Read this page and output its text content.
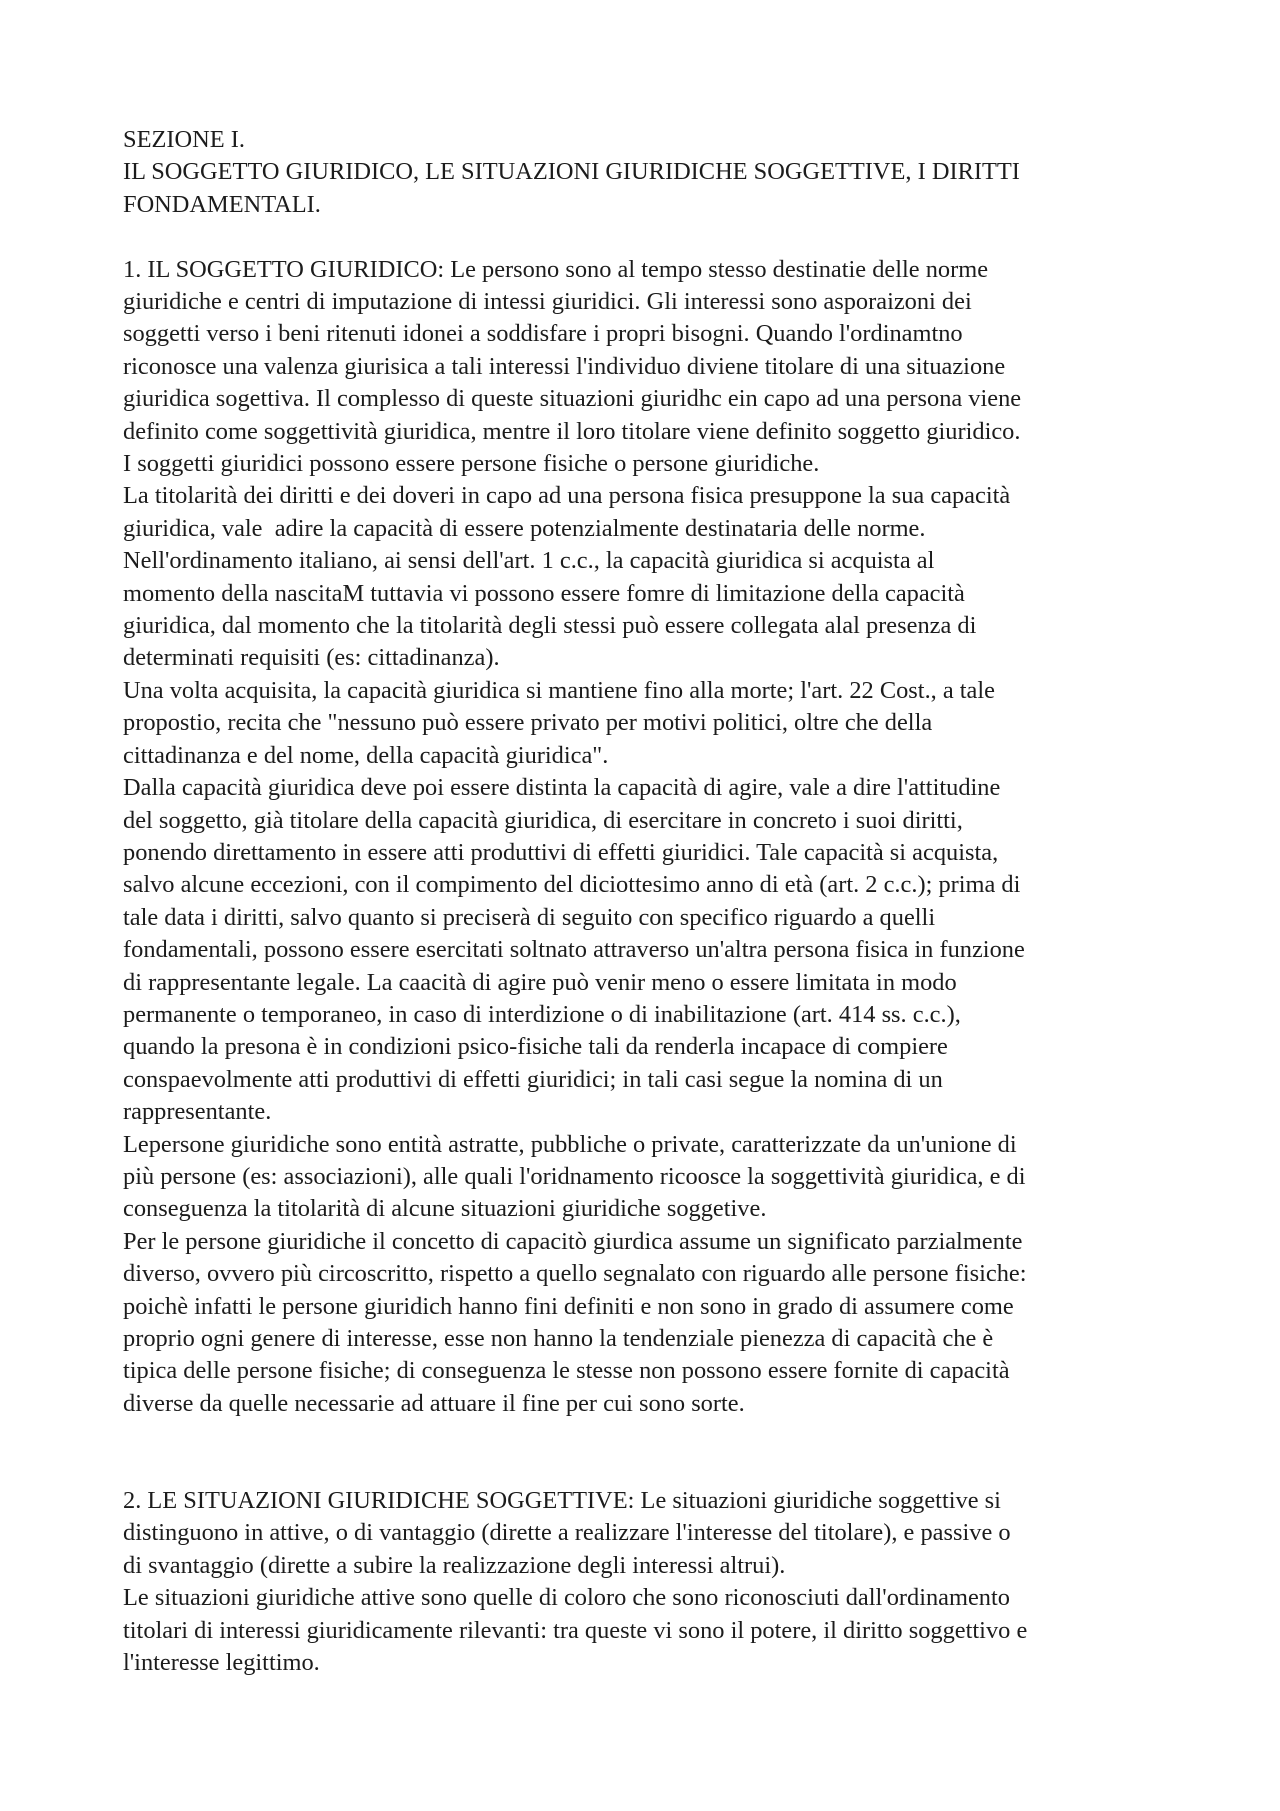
SEZIONE I.
IL SOGGETTO GIURIDICO, LE SITUAZIONI GIURIDICHE SOGGETTIVE, I DIRITTI
FONDAMENTALI.
1. IL SOGGETTO GIURIDICO: Le persono sono al tempo stesso destinatie delle norme
giuridiche e centri di imputazione di intessi giuridici. Gli interessi sono asporaizoni dei
soggetti verso i beni ritenuti idonei a soddisfare i propri bisogni. Quando l'ordinamtno
riconosce una valenza giurisica a tali interessi l'individuo diviene titolare di una situazione
giuridica sogettiva. Il complesso di queste situazioni giuridhc ein capo ad una persona viene
definito come soggettività giuridica, mentre il loro titolare viene definito soggetto giuridico.
I soggetti giuridici possono essere persone fisiche o persone giuridiche.
La titolarità dei diritti e dei doveri in capo ad una persona fisica presuppone la sua capacità
giuridica, vale  adire la capacità di essere potenzialmente destinataria delle norme.
Nell'ordinamento italiano, ai sensi dell'art. 1 c.c., la capacità giuridica si acquista al
momento della nascitaM tuttavia vi possono essere fomre di limitazione della capacità
giuridica, dal momento che la titolarità degli stessi può essere collegata alal presenza di
determinati requisiti (es: cittadinanza).
Una volta acquisita, la capacità giuridica si mantiene fino alla morte; l'art. 22 Cost., a tale
propostio, recita che "nessuno può essere privato per motivi politici, oltre che della
cittadinanza e del nome, della capacità giuridica".
Dalla capacità giuridica deve poi essere distinta la capacità di agire, vale a dire l'attitudine
del soggetto, già titolare della capacità giuridica, di esercitare in concreto i suoi diritti,
ponendo direttamento in essere atti produttivi di effetti giuridici. Tale capacità si acquista,
salvo alcune eccezioni, con il compimento del diciottesimo anno di età (art. 2 c.c.); prima di
tale data i diritti, salvo quanto si preciserà di seguito con specifico riguardo a quelli
fondamentali, possono essere esercitati soltnato attraverso un'altra persona fisica in funzione
di rappresentante legale. La caacità di agire può venir meno o essere limitata in modo
permanente o temporaneo, in caso di interdizione o di inabilitazione (art. 414 ss. c.c.),
quando la presona è in condizioni psico-fisiche tali da renderla incapace di compiere
conspaevolmente atti produttivi di effetti giuridici; in tali casi segue la nomina di un
rappresentante.
Lepersone giuridiche sono entità astratte, pubbliche o private, caratterizzate da un'unione di
più persone (es: associazioni), alle quali l'oridnamento ricoosce la soggettività giuridica, e di
conseguenza la titolarità di alcune situazioni giuridiche soggetive.
Per le persone giuridiche il concetto di capacitò giurdica assume un significato parzialmente
diverso, ovvero più circoscritto, rispetto a quello segnalato con riguardo alle persone fisiche:
poichè infatti le persone giuridich hanno fini definiti e non sono in grado di assumere come
proprio ogni genere di interesse, esse non hanno la tendenziale pienezza di capacità che è
tipica delle persone fisiche; di conseguenza le stesse non possono essere fornite di capacità
diverse da quelle necessarie ad attuare il fine per cui sono sorte.
2. LE SITUAZIONI GIURIDICHE SOGGETTIVE: Le situazioni giuridiche soggettive si
distinguono in attive, o di vantaggio (dirette a realizzare l'interesse del titolare), e passive o
di svantaggio (dirette a subire la realizzazione degli interessi altrui).
Le situazioni giuridiche attive sono quelle di coloro che sono riconosciuti dall'ordinamento
titolari di interessi giuridicamente rilevanti: tra queste vi sono il potere, il diritto soggettivo e
l'interesse legittimo.
